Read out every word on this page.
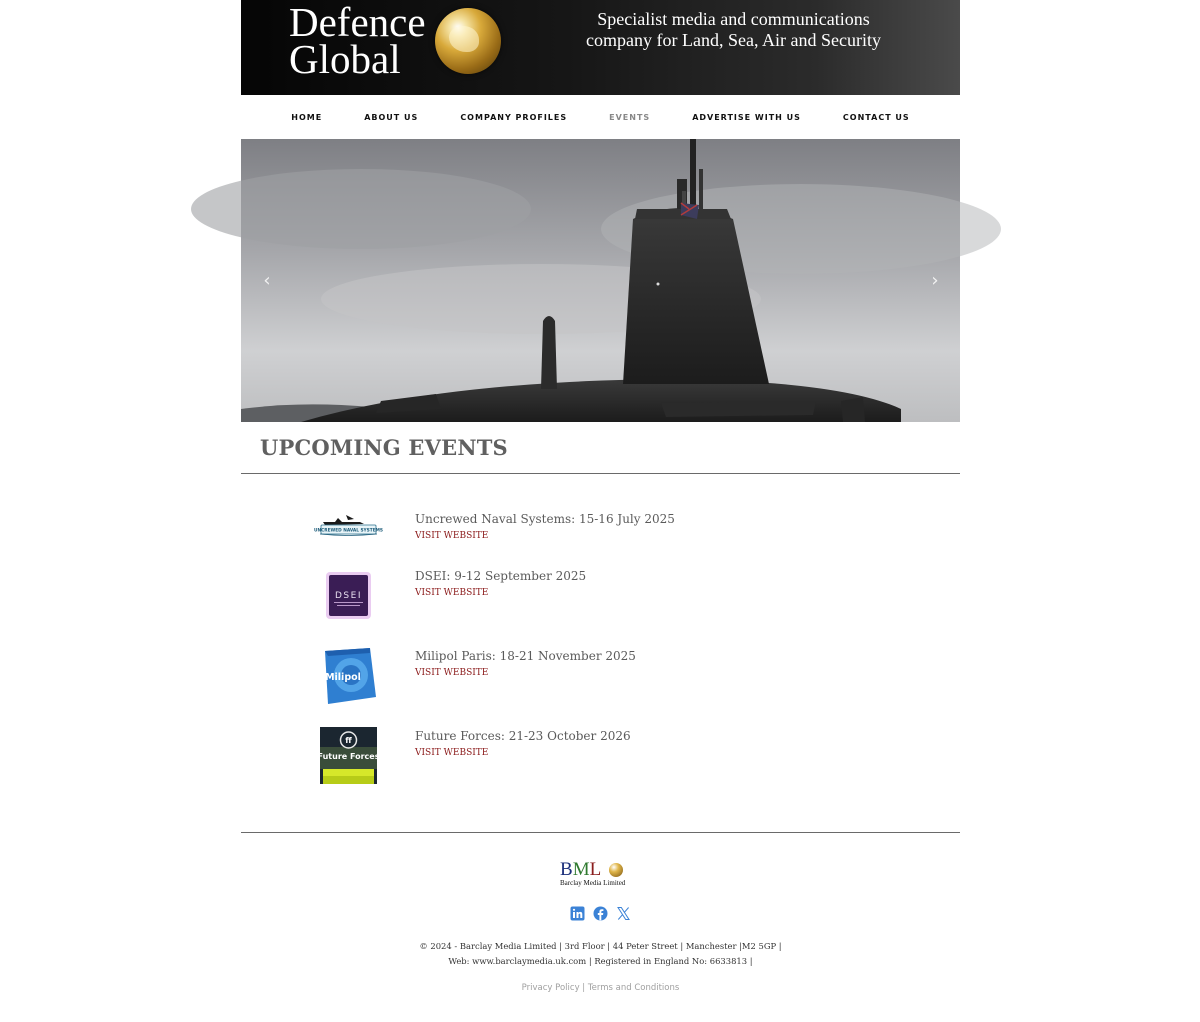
Defence
Global
Specialist media and communications company for Land, Sea, Air and Security
HOME	ABOUT US	COMPANY PROFILES	EVENTS	ADVERTISE WITH US	CONTACT US
‹	›
UPCOMING EVENTS
UNCREWED NAVAL SYSTEMS
Uncrewed Naval Systems: 15-16 July 2025
VISIT WEBSITE
DSEI
DSEI: 9-12 September 2025
VISIT WEBSITE
Milipol
Milipol Paris: 18-21 November 2025
VISIT WEBSITE
ff
Future Forces
Future Forces: 21-23 October 2026
VISIT WEBSITE
BML
Barclay Media Limited
© 2024 - Barclay Media Limited | 3rd Floor | 44 Peter Street | Manchester |M2 5GP |
Web: www.barclaymedia.uk.com | Registered in England No: 6633813 |
Privacy Policy | Terms and Conditions
